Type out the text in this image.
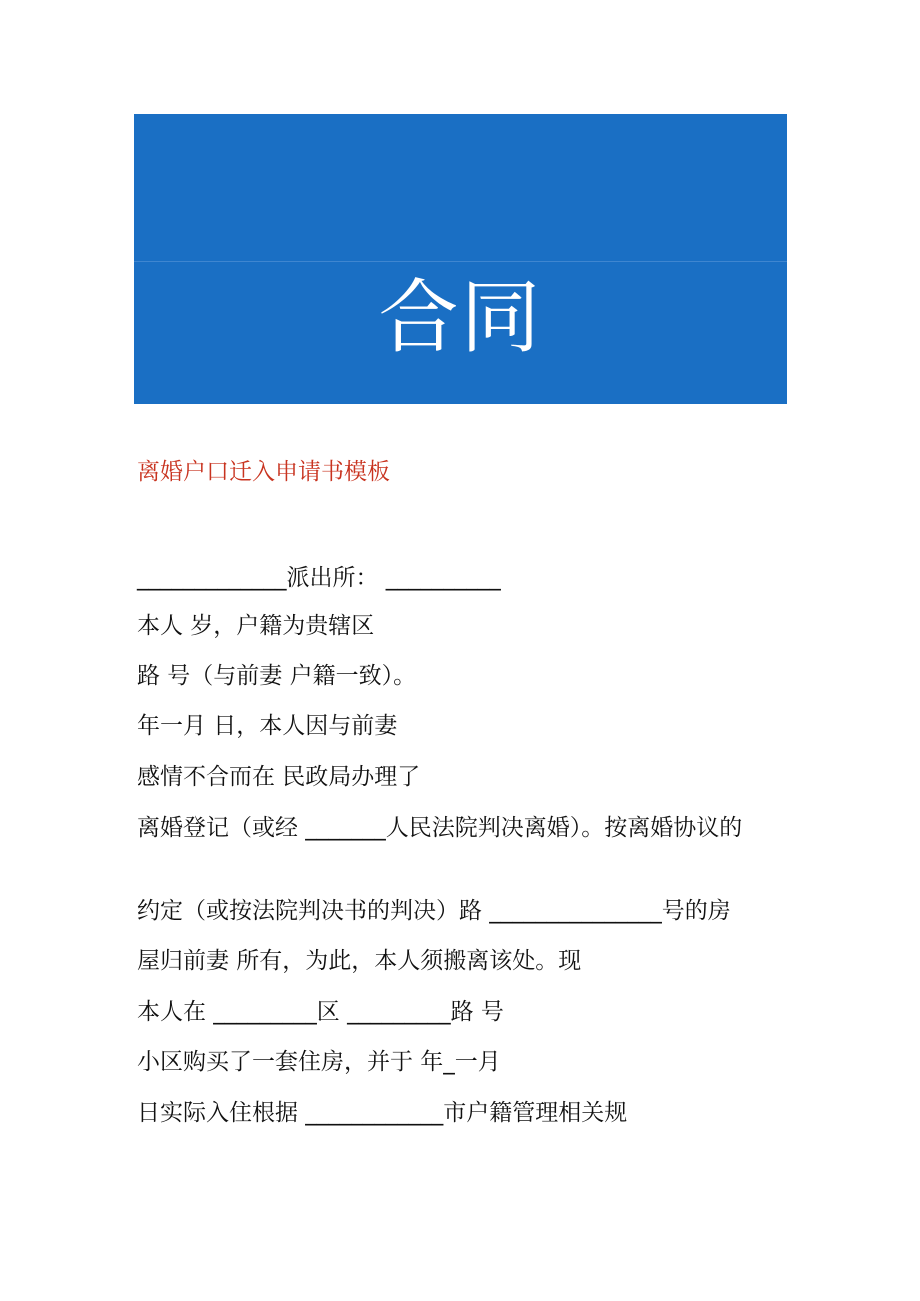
合同
模板
离婚户口迁入申请书模板
_____________派出所： __________
本人 岁，户籍为贵辖区
路 号（与前妻 户籍一致）。
年一月 日，本人因与前妻
感情不合而在 民政局办理了
离婚登记（或经 _______人民法院判决离婚）。按离婚协议的
约定（或按法院判决书的判决）路 _______________号的房
屋归前妻 所有，为此，本人须搬离该处。现
本人在 _________区 _________路 号
小区购买了一套住房，并于 年_一月
日实际入住根据 ____________市户籍管理相关规
